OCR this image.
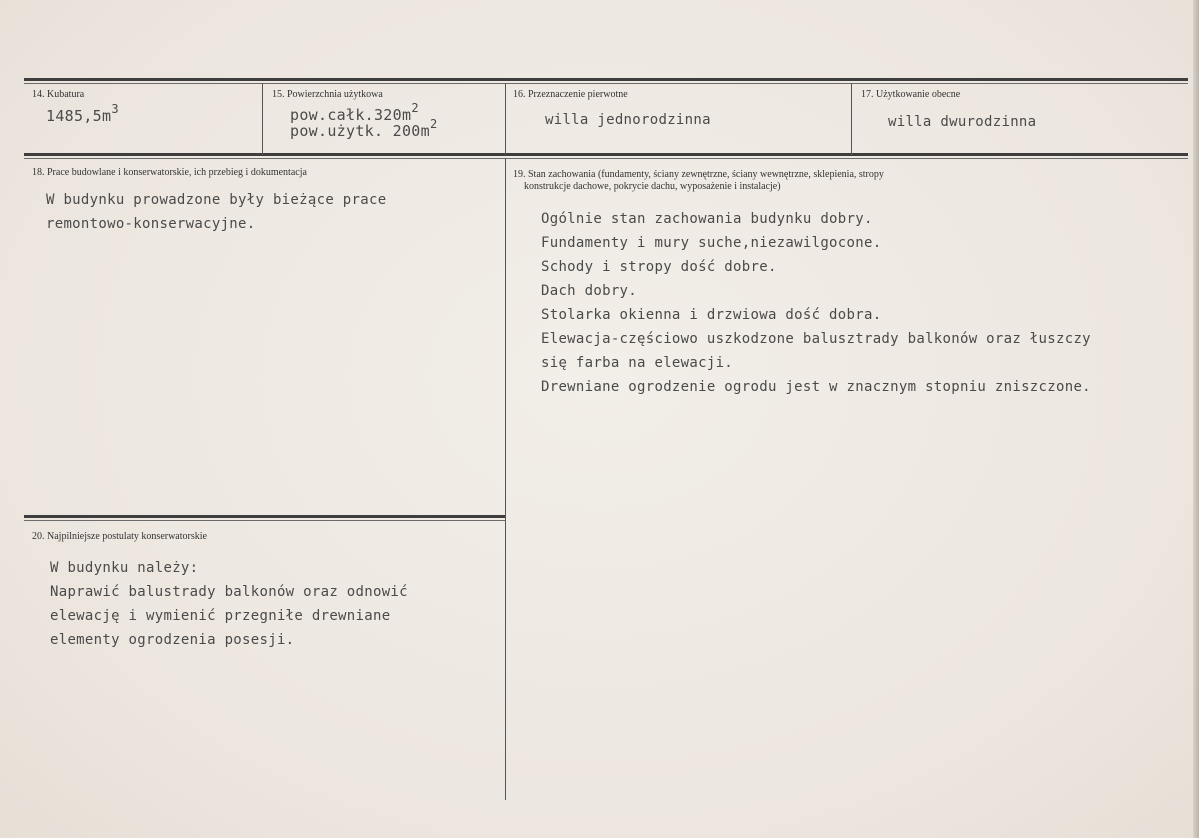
14. Kubatura
$1485,5m^3$
15. Powierzchnia użytkowa
$pow.całk.320m^2$
pow.użytk. $200m^2$
16. Przeznaczenie pierwotne
willa jednorodzinna
17. Użytkowanie obecne
willa dwurodzinna
18. Prace budowlane i konserwatorskie, ich przebieg i dokumentacja
W budynku prowadzone były bieżące prace
remontowo-konserwacyjne.
19. Stan zachowania (fundamenty, ściany zewnętrzne, ściany wewnętrzne, sklepienia, stropy
konstrukcje dachowe, pokrycie dachu, wyposażenie i instalacje)
Ogólnie stan zachowania budynku dobry.
Fundamenty i mury suche,niezawilgocone.
Schody i stropy dość dobre.
Dach dobry.
Stolarka okienna i drzwiowa dość dobra.
Elewacja-częściowo uszkodzone balusztrady balkonów oraz łuszczy
się farba na elewacji.
Drewniane ogrodzenie ogrodu jest w znacznym stopniu zniszczone.
20. Najpilniejsze postulaty konserwatorskie
W budynku należy:
Naprawić balustrady balkonów oraz odnowić
elewację i wymienić przegniłe drewniane
elementy ogrodzenia posesji.
